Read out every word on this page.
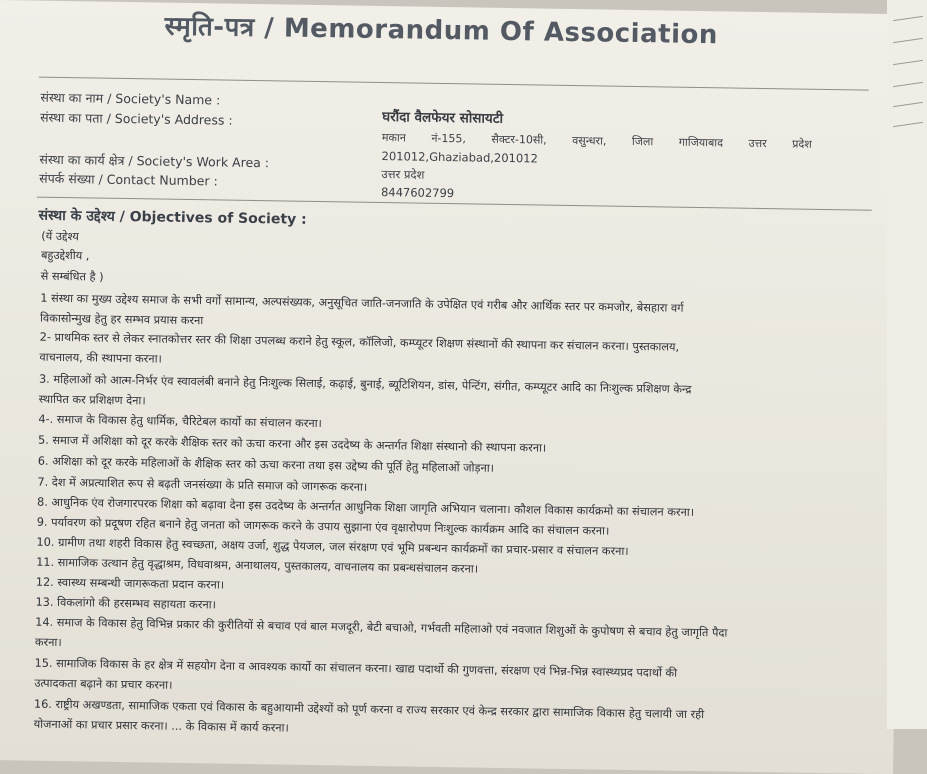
स्मृति-पत्र / Memorandum Of Association
संस्था का नाम / Society's Name :
संस्था का पता / Society's Address :
संस्था का कार्य क्षेत्र / Society's Work Area :
संपर्क संख्या / Contact Number :
घरौंदा वैलफेयर सोसायटी
मकान नं-155, सैक्टर-10सी, वसुन्धरा, जिला गाजियाबाद उत्तर प्रदेश
201012,Ghaziabad,201012
उत्तर प्रदेश
8447602799
संस्था के उद्देश्य / Objectives of Society :
(यें उद्देश्य
बहुउद्देशीय ,
से सम्बंधित है )
1 संस्था का मुख्य उद्देश्य समाज के सभी वर्गो सामान्य, अल्पसंख्यक, अनुसूचित जाति-जनजाति के उपेक्षित एवं गरीब और आर्थिक स्तर पर कमजोर, बेसहारा वर्ग
विकासोन्मुख हेतु हर सम्भव प्रयास करना
2- प्राथमिक स्तर से लेकर स्नातकोत्तर स्तर की शिक्षा उपलब्ध कराने हेतु स्कूल, कॉलिजो, कम्प्यूटर शिक्षण संस्थानों की स्थापना कर संचालन करना। पुस्तकालय,
वाचनालय, की स्थापना करना।
3. महिलाओं को आत्म-निर्भर एंव स्वावलंबी बनाने हेतु निःशुल्क सिलाई, कढ़ाई, बुनाई, ब्यूटिशियन, डांस, पेन्टिंग, संगीत, कम्प्यूटर आदि का निःशुल्क प्रशिक्षण केन्द्र
स्थापित कर प्रशिक्षण देना।
4-. समाज के विकास हेतु धार्मिक, चैरिटेबल कार्यो का संचालन करना।
5. समाज में अशिक्षा को दूर करके शैक्षिक स्तर को ऊचा करना और इस उददेष्य के अन्तर्गत शिक्षा संस्थानो की स्थापना करना।
6. अशिक्षा को दूर करके महिलाओं के शैक्षिक स्तर को ऊचा करना तथा इस उद्देष्य की पूर्ति हेतु महिलाओं जोड़ना।
7. देश में अप्रत्याशित रूप से बढ़ती जनसंख्या के प्रति समाज को जागरूक करना।
8. आधुनिक एंव रोजगारपरक शिक्षा को बढ़ावा देना इस उददेष्य के अन्तर्गत आधुनिक शिक्षा जागृति अभियान चलाना। कौशल विकास कार्यक्रमो का संचालन करना।
9. पर्यावरण को प्रदूषण रहित बनाने हेतु जनता को जागरूक करने के उपाय सुझाना एंव वृक्षारोपण निःशुल्क कार्यक्रम आदि का संचालन करना।
10. ग्रामीण तथा शहरी विकास हेतु स्वच्छता, अक्षय उर्जा, शुद्ध पेयजल, जल संरक्षण एवं भूमि प्रबन्धन कार्यक्रमों का प्रचार-प्रसार व संचालन करना।
11. सामाजिक उत्थान हेतु वृद्धाश्रम, विधवाश्रम, अनाथालय, पुस्तकालय, वाचनालय का प्रबन्धसंचालन करना।
12. स्वास्थ्य सम्बन्धी जागरूकता प्रदान करना।
13. विकलांगो की हरसम्भव सहायता करना।
14. समाज के विकास हेतु विभिन्न प्रकार की कुरीतियों से बचाव एवं बाल मजदूरी, बेटी बचाओ, गर्भवती महिलाओ एवं नवजात शिशुओं के कुपोषण से बचाव हेतु जागृति पैदा
करना।
15. सामाजिक विकास के हर क्षेत्र में सहयोग देना व आवश्यक कार्यो का संचालन करना। खाद्य पदार्थो की गुणवत्ता, संरक्षण एवं भिन्न-भिन्न स्वास्थ्यप्रद पदार्थो की
उत्पादकता बढ़ाने का प्रचार करना।
16. राष्ट्रीय अखण्डता, सामाजिक एकता एवं विकास के बहुआयामी उद्देश्यों को पूर्ण करना व राज्य सरकार एवं केन्द्र सरकार द्वारा सामाजिक विकास हेतु चलायी जा रही
योजनाओं का प्रचार प्रसार करना। ... के विकास में कार्य करना।
